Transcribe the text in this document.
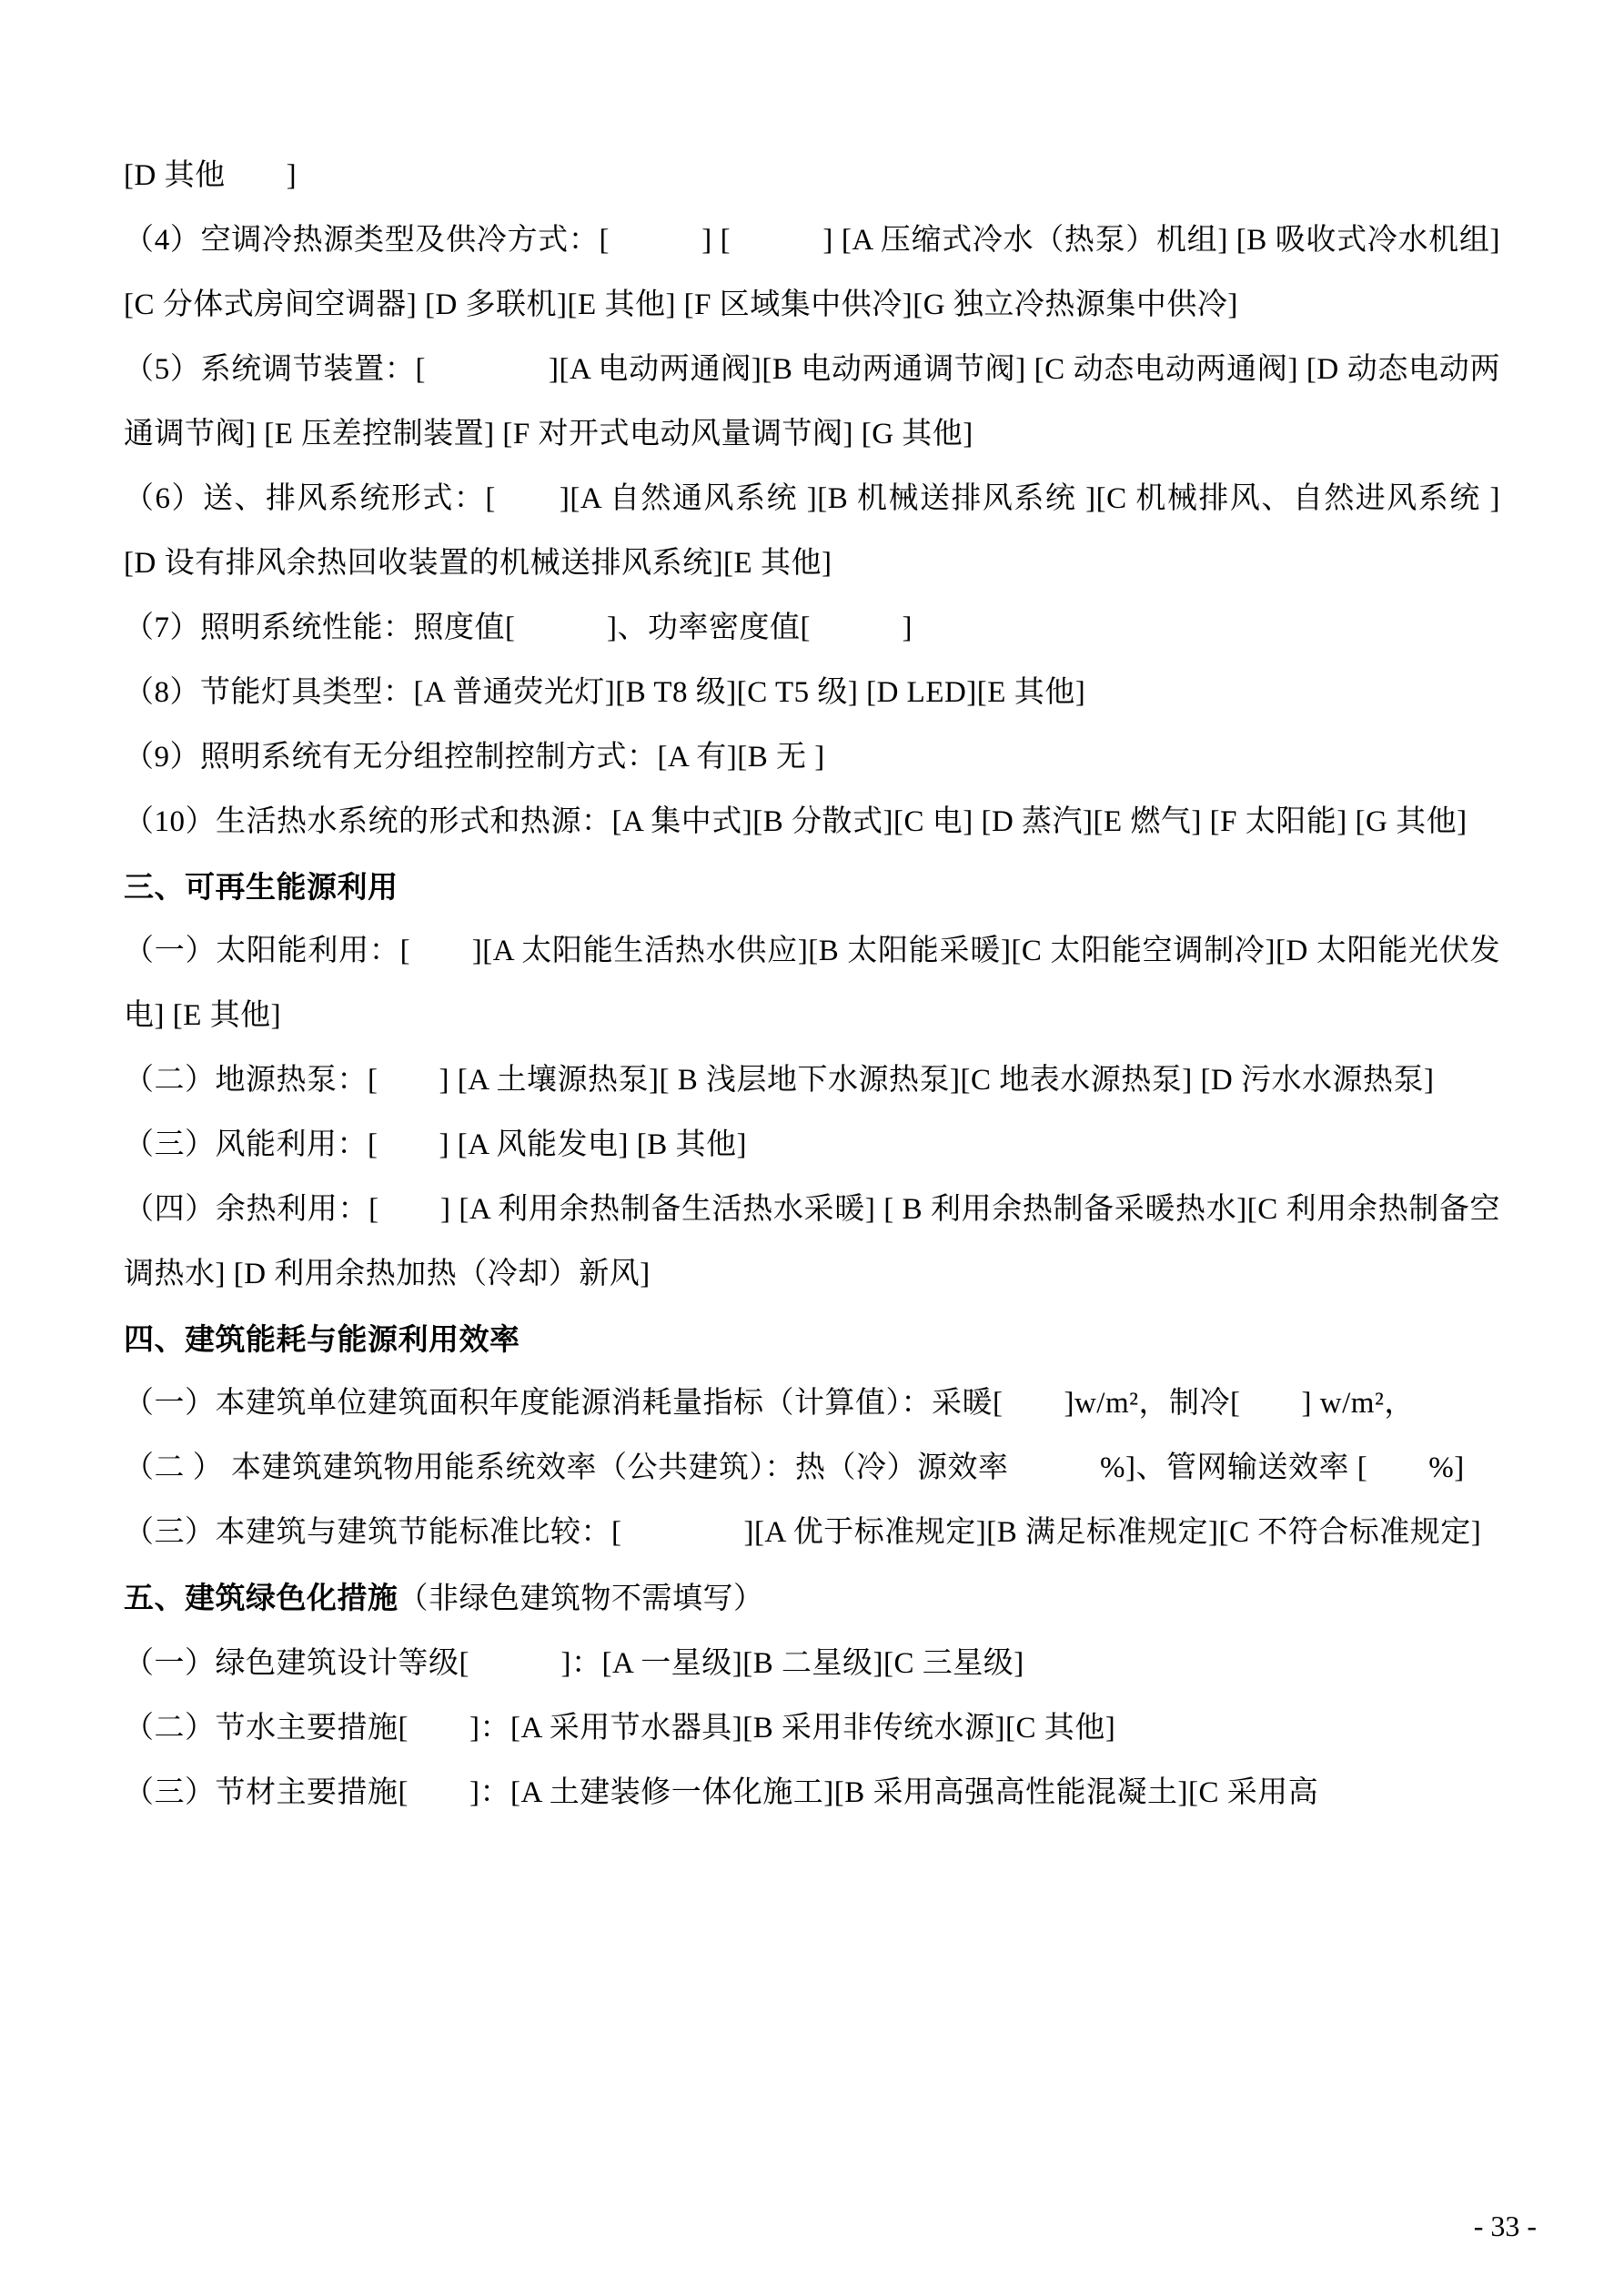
[D 其他　　]

（4）空调冷热源类型及供冷方式：[　　　] [　　　] [A 压缩式冷水（热泵）机组] [B 吸收式冷水机组] [C 分体式房间空调器] [D 多联机][E 其他] [F 区域集中供冷][G 独立冷热源集中供冷]

（5）系统调节装置：[　　　　][A 电动两通阀][B 电动两通调节阀] [C 动态电动两通阀] [D 动态电动两通调节阀] [E 压差控制装置] [F 对开式电动风量调节阀] [G 其他]

（6）送、排风系统形式：[　　][A 自然通风系统 ][B 机械送排风系统 ][C 机械排风、自然进风系统 ] [D 设有排风余热回收装置的机械送排风系统][E 其他]

（7）照明系统性能：照度值[　　　]、功率密度值[　　　]

（8）节能灯具类型：[A 普通荧光灯][B T8 级][C T5 级] [D LED][E 其他]

（9）照明系统有无分组控制控制方式：[A 有][B 无 ]

（10）生活热水系统的形式和热源：[A 集中式][B 分散式][C 电] [D 蒸汽][E 燃气] [F 太阳能] [G 其他]

三、可再生能源利用

（一）太阳能利用：[　　][A 太阳能生活热水供应][B 太阳能采暖][C 太阳能空调制冷][D 太阳能光伏发电] [E 其他]

（二）地源热泵：[　　] [A 土壤源热泵][ B 浅层地下水源热泵][C 地表水源热泵] [D 污水水源热泵]

（三）风能利用：[　　] [A 风能发电] [B 其他]

（四）余热利用：[　　] [A 利用余热制备生活热水采暖] [ B 利用余热制备采暖热水][C 利用余热制备空调热水] [D 利用余热加热（冷却）新风]

四、建筑能耗与能源利用效率

（一）本建筑单位建筑面积年度能源消耗量指标（计算值）：采暖[　　]w/m²，制冷[　　] w/m²，

（二 ） 本建筑建筑物用能系统效率（公共建筑）：热（冷）源效率　　　%]、管网输送效率 [　　%]

（三）本建筑与建筑节能标准比较：[　　　　][A 优于标准规定][B 满足标准规定][C 不符合标准规定]

五、建筑绿色化措施（非绿色建筑物不需填写）

（一）绿色建筑设计等级[　　　]：[A 一星级][B 二星级][C 三星级]

（二）节水主要措施[　　]：[A 采用节水器具][B 采用非传统水源][C 其他]

（三）节材主要措施[　　]：[A 土建装修一体化施工][B 采用高强高性能混凝土][C 采用高

- 33 -
